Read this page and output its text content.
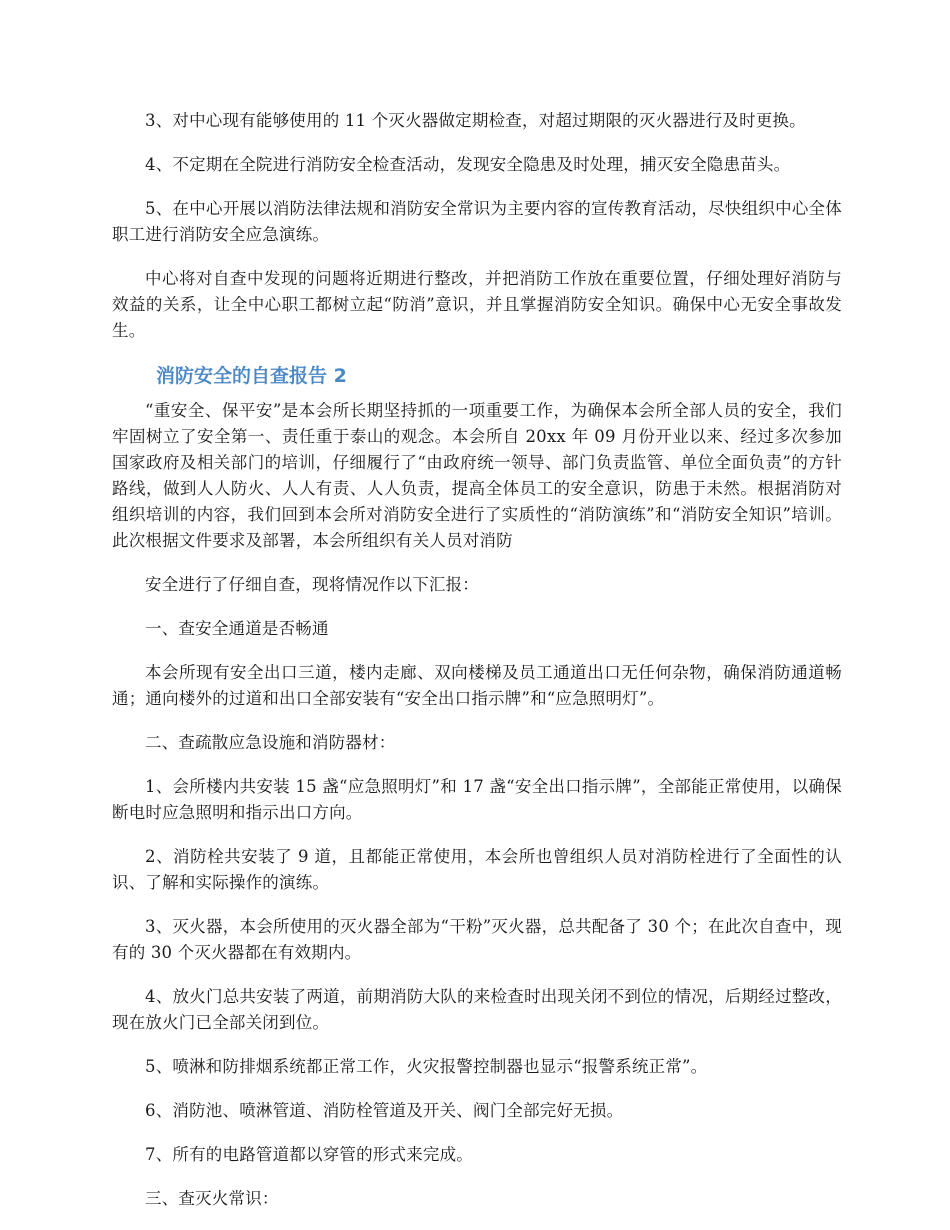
3、对中心现有能够使用的 11 个灭火器做定期检查，对超过期限的灭火器进行及时更换。

4、不定期在全院进行消防安全检查活动，发现安全隐患及时处理，捕灭安全隐患苗头。

5、在中心开展以消防法律法规和消防安全常识为主要内容的宣传教育活动，尽快组织中心全体职工进行消防安全应急演练。

中心将对自查中发现的问题将近期进行整改，并把消防工作放在重要位置，仔细处理好消防与效益的关系，让全中心职工都树立起“防消”意识，并且掌握消防安全知识。确保中心无安全事故发生。

消防安全的自查报告 2

“重安全、保平安”是本会所长期坚持抓的一项重要工作，为确保本会所全部人员的安全，我们牢固树立了安全第一、责任重于泰山的观念。本会所自 20xx 年 09 月份开业以来、经过多次参加国家政府及相关部门的培训，仔细履行了“由政府统一领导、部门负责监管、单位全面负责”的方针路线，做到人人防火、人人有责、人人负责，提高全体员工的安全意识，防患于未然。根据消防对组织培训的内容，我们回到本会所对消防安全进行了实质性的“消防演练”和“消防安全知识”培训。此次根据文件要求及部署，本会所组织有关人员对消防

安全进行了仔细自查，现将情况作以下汇报：

一、查安全通道是否畅通

本会所现有安全出口三道，楼内走廊、双向楼梯及员工通道出口无任何杂物，确保消防通道畅通；通向楼外的过道和出口全部安装有“安全出口指示牌”和“应急照明灯”。

二、查疏散应急设施和消防器材：

1、会所楼内共安装 15 盏“应急照明灯”和 17 盏“安全出口指示牌”，全部能正常使用，以确保断电时应急照明和指示出口方向。

2、消防栓共安装了 9 道，且都能正常使用，本会所也曾组织人员对消防栓进行了全面性的认识、了解和实际操作的演练。

3、灭火器，本会所使用的灭火器全部为“干粉”灭火器，总共配备了 30 个；在此次自查中，现有的 30 个灭火器都在有效期内。

4、放火门总共安装了两道，前期消防大队的来检查时出现关闭不到位的情况，后期经过整改，现在放火门已全部关闭到位。

5、喷淋和防排烟系统都正常工作，火灾报警控制器也显示“报警系统正常”。

6、消防池、喷淋管道、消防栓管道及开关、阀门全部完好无损。

7、所有的电路管道都以穿管的形式来完成。

三、查灭火常识：
